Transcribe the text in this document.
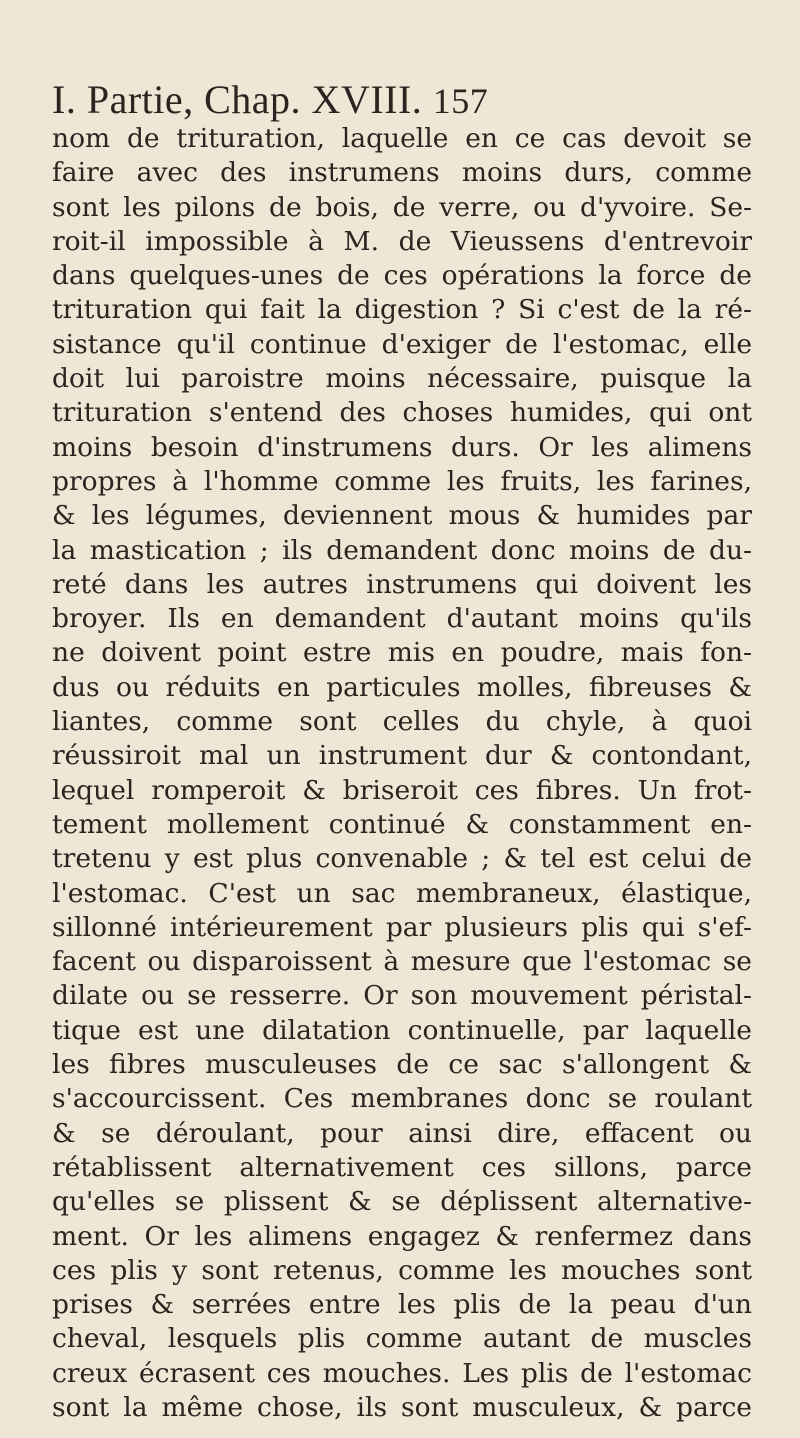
I. Partie, Chap. XVIII. 157
nom de trituration, laquelle en ce cas devoit se
faire avec des instrumens moins durs, comme
sont les pilons de bois, de verre, ou d'yvoire. Se-
roit-il impossible à M. de Vieussens d'entrevoir
dans quelques-unes de ces opérations la force de
trituration qui fait la digestion ? Si c'est de la ré-
sistance qu'il continue d'exiger de l'estomac, elle
doit lui paroistre moins nécessaire, puisque la
trituration s'entend des choses humides, qui ont
moins besoin d'instrumens durs. Or les alimens
propres à l'homme comme les fruits, les farines,
& les légumes, deviennent mous & humides par
la mastication ; ils demandent donc moins de du-
reté dans les autres instrumens qui doivent les
broyer. Ils en demandent d'autant moins qu'ils
ne doivent point estre mis en poudre, mais fon-
dus ou réduits en particules molles, fibreuses &
liantes, comme sont celles du chyle, à quoi
réussiroit mal un instrument dur & contondant,
lequel romperoit & briseroit ces fibres. Un frot-
tement mollement continué & constamment en-
tretenu y est plus convenable ; & tel est celui de
l'estomac. C'est un sac membraneux, élastique,
sillonné intérieurement par plusieurs plis qui s'ef-
facent ou disparoissent à mesure que l'estomac se
dilate ou se resserre. Or son mouvement péristal-
tique est une dilatation continuelle, par laquelle
les fibres musculeuses de ce sac s'allongent &
s'accourcissent. Ces membranes donc se roulant
& se déroulant, pour ainsi dire, effacent ou
rétablissent alternativement ces sillons, parce
qu'elles se plissent & se déplissent alternative-
ment. Or les alimens engagez & renfermez dans
ces plis y sont retenus, comme les mouches sont
prises & serrées entre les plis de la peau d'un
cheval, lesquels plis comme autant de muscles
creux écrasent ces mouches. Les plis de l'estomac
sont la même chose, ils sont musculeux, & parce
